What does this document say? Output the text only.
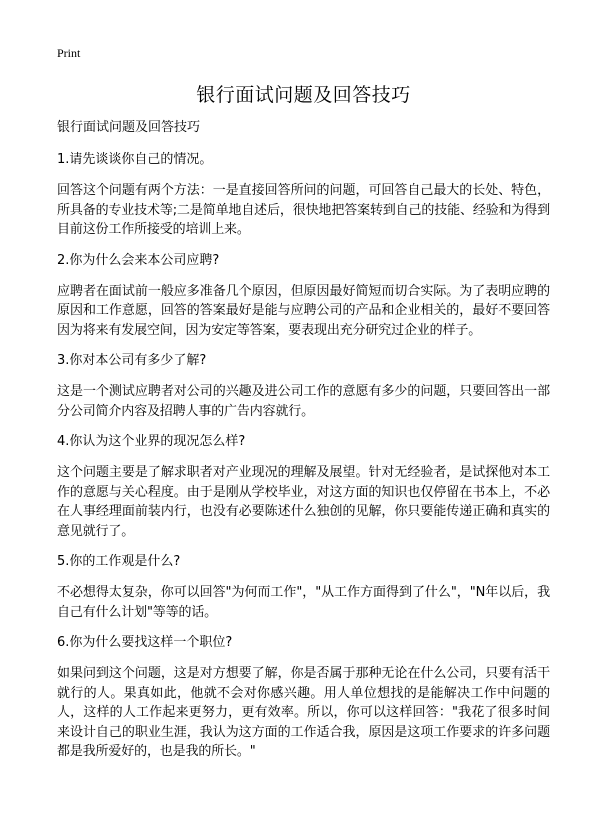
Print
银行面试问题及回答技巧

银行面试问题及回答技巧

1.请先谈谈你自己的情况。

回答这个问题有两个方法：一是直接回答所问的问题，可回答自己最大的长处、特色，所具备的专业技术等;二是简单地自述后，很快地把答案转到自己的技能、经验和为得到目前这份工作所接受的培训上来。

2.你为什么会来本公司应聘?

应聘者在面试前一般应多准备几个原因，但原因最好简短而切合实际。为了表明应聘的原因和工作意愿，回答的答案最好是能与应聘公司的产品和企业相关的，最好不要回答因为将来有发展空间，因为安定等答案，要表现出充分研究过企业的样子。

3.你对本公司有多少了解?

这是一个测试应聘者对公司的兴趣及进公司工作的意愿有多少的问题，只要回答出一部分公司简介内容及招聘人事的广告内容就行。

4.你认为这个业界的现况怎么样?

这个问题主要是了解求职者对产业现况的理解及展望。针对无经验者，是试探他对本工作的意愿与关心程度。由于是刚从学校毕业，对这方面的知识也仅停留在书本上，不必在人事经理面前装内行，也没有必要陈述什么独创的见解，你只要能传递正确和真实的意见就行了。

5.你的工作观是什么?

不必想得太复杂，你可以回答"为何而工作"，"从工作方面得到了什么"，"N年以后，我自己有什么计划"等等的话。

6.你为什么要找这样一个职位?

如果问到这个问题，这是对方想要了解，你是否属于那种无论在什么公司，只要有活干就行的人。果真如此，他就不会对你感兴趣。用人单位想找的是能解决工作中问题的人，这样的人工作起来更努力，更有效率。所以，你可以这样回答："我花了很多时间来设计自己的职业生涯，我认为这方面的工作适合我，原因是这项工作要求的许多问题都是我所爱好的，也是我的所长。"
